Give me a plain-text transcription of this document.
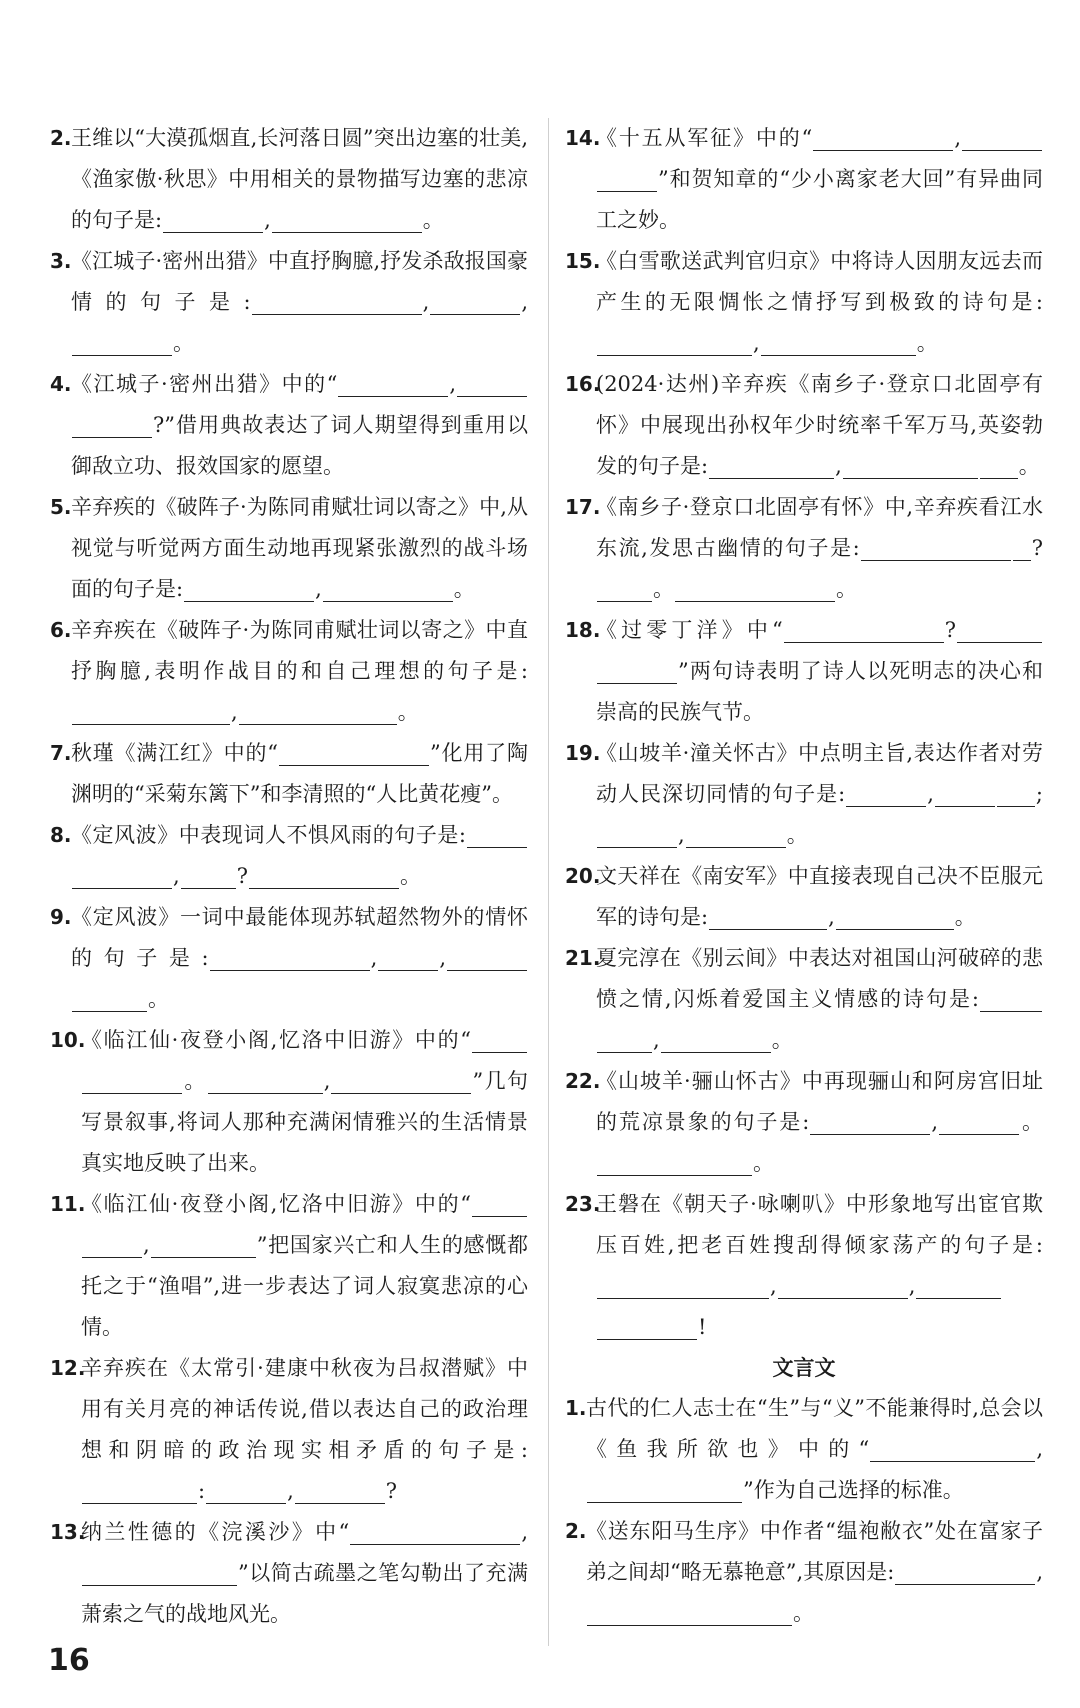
2. 王维以“大漠孤烟直,长河落日圆”突出边塞的壮美,《渔家傲·秋思》中用相关的景物描写边塞的悲凉的句子是:	,	。

3. 《江城子·密州出猎》中直抒胸臆,抒发杀敌报国豪情的句子是:	,	,。

4. 《江城子·密州出猎》中的“	,?”借用典故表达了词人期望得到重用以御敌立功、报效国家的愿望。

5. 辛弃疾的《破阵子·为陈同甫赋壮词以寄之》中,从视觉与听觉两方面生动地再现紧张激烈的战斗场面的句子是:	,	。

6. 辛弃疾在《破阵子·为陈同甫赋壮词以寄之》中直抒胸臆,表明作战目的和自己理想的句子是:,	。

7. 秋瑾《满江红》中的“	”化用了陶渊明的“采菊东篱下”和李清照的“人比黄花瘦”。

8. 《定风波》中表现词人不惧风雨的句子是:,	?	。

9. 《定风波》一词中最能体现苏轼超然物外的情怀的句子是:	,	,。

10.
《临江仙·夜登小阁,忆洛中旧游》中的“。	,	”几句写景叙事,将词人那种充满闲情雅兴的生活情景真实地反映了出来。

11.
《临江仙·夜登小阁,忆洛中旧游》中的“,	”把国家兴亡和人生的感慨都托之于“渔唱”,进一步表达了词人寂寞悲凉的心情。

12.
辛弃疾在《太常引·建康中秋夜为吕叔潜赋》中用有关月亮的神话传说,借以表达自己的政治理想和阴暗的政治现实相矛盾的句子是::	,	?

13.
纳兰性德的《浣溪沙》中“	,”以简古疏墨之笔勾勒出了充满萧索之气的战地风光。

14.
《十五从军征》中的“	,”和贺知章的“少小离家老大回”有异曲同工之妙。

15.
《白雪歌送武判官归京》中将诗人因朋友远去而产生的无限惆怅之情抒写到极致的诗句是:,	。

16.
(2024·达州)辛弃疾《南乡子·登京口北固亭有怀》中展现出孙权年少时统率千军万马,英姿勃发的句子是:	,	。

17.
《南乡子·登京口北固亭有怀》中,辛弃疾看江水东流,发思古幽情的句子是:	?。	。

18.
《过零丁洋》中“	?”两句诗表明了诗人以死明志的决心和崇高的民族气节。

19.
《山坡羊·潼关怀古》中点明主旨,表达作者对劳动人民深切同情的句子是:	,	;,	。

20.
文天祥在《南安军》中直接表现自己决不臣服元军的诗句是:	,	。

21.
夏完淳在《别云间》中表达对祖国山河破碎的悲愤之情,闪烁着爱国主义情感的诗句是:,	。

22.
《山坡羊·骊山怀古》中再现骊山和阿房宫旧址的荒凉景象的句子是:	,	。。

23.
王磐在《朝天子·咏喇叭》中形象地写出宦官欺压百姓,把老百姓搜刮得倾家荡产的句子是:,	,!

文言文

1. 古代的仁人志士在“生”与“义”不能兼得时,总会以《鱼我所欲也》中的“	,”作为自己选择的标准。

2. 《送东阳马生序》中作者“缊袍敝衣”处在富家子弟之间却“略无慕艳意”,其原因是:	,。

16
